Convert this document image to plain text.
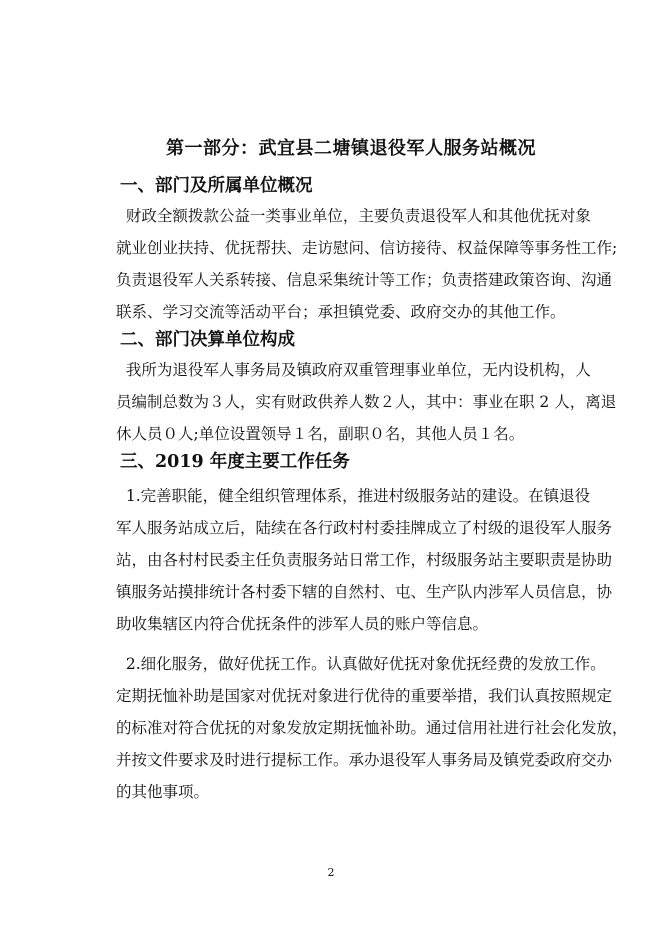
第一部分：武宜县二塘镇退役军人服务站概况
一、部门及所属单位概况
财政全额拨款公益一类事业单位，主要负责退役军人和其他优抚对象
就业创业扶持、优抚帮扶、走访慰问、信访接待、权益保障等事务性工作;
负责退役军人关系转接、信息采集统计等工作；负责搭建政策咨询、沟通
联系、学习交流等活动平台；承担镇党委、政府交办的其他工作。
二、部门决算单位构成
我所为退役军人事务局及镇政府双重管理事业单位，无内设机构，人
员编制总数为３人，实有财政供养人数２人，其中：事业在职 2 人，离退
休人员０人;单位设置领导１名，副职０名，其他人员１名。
三、2019 年度主要工作任务
1.完善职能，健全组织管理体系，推进村级服务站的建设。在镇退役
军人服务站成立后，陆续在各行政村村委挂牌成立了村级的退役军人服务
站，由各村村民委主任负责服务站日常工作，村级服务站主要职责是协助
镇服务站摸排统计各村委下辖的自然村、屯、生产队内涉军人员信息，协
助收集辖区内符合优抚条件的涉军人员的账户等信息。
2.细化服务，做好优抚工作。认真做好优抚对象优抚经费的发放工作。
定期抚恤补助是国家对优抚对象进行优待的重要举措，我们认真按照规定
的标准对符合优抚的对象发放定期抚恤补助。通过信用社进行社会化发放，
并按文件要求及时进行提标工作。承办退役军人事务局及镇党委政府交办
的其他事项。
2
